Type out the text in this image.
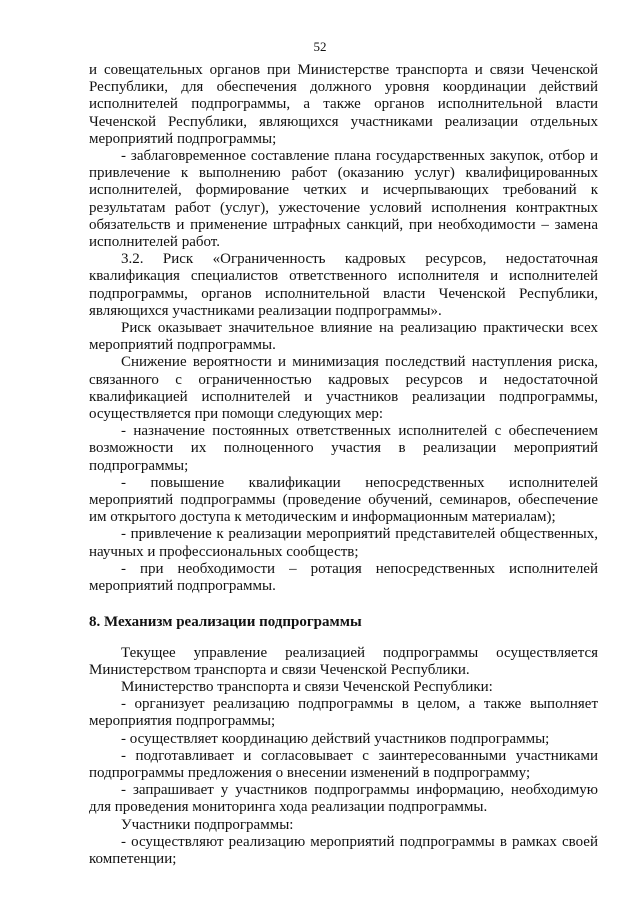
52

и совещательных органов при Министерстве транспорта и связи Чеченской Республики, для обеспечения должного уровня координации действий исполнителей подпрограммы, а также органов исполнительной власти Чеченской Республики, являющихся участниками реализации отдельных мероприятий подпрограммы;

- заблаговременное составление плана государственных закупок, отбор и привлечение к выполнению работ (оказанию услуг) квалифицированных исполнителей, формирование четких и исчерпывающих требований к результатам работ (услуг), ужесточение условий исполнения контрактных обязательств и применение штрафных санкций, при необходимости – замена исполнителей работ.

3.2. Риск «Ограниченность кадровых ресурсов, недостаточная квалификация специалистов ответственного исполнителя и исполнителей подпрограммы, органов исполнительной власти Чеченской Республики, являющихся участниками реализации подпрограммы».

Риск оказывает значительное влияние на реализацию практически всех мероприятий подпрограммы.

Снижение вероятности и минимизация последствий наступления риска, связанного с ограниченностью кадровых ресурсов и недостаточной квалификацией исполнителей и участников реализации подпрограммы, осуществляется при помощи следующих мер:

- назначение постоянных ответственных исполнителей с обеспечением возможности их полноценного участия в реализации мероприятий подпрограммы;

- повышение квалификации непосредственных исполнителей мероприятий подпрограммы (проведение обучений, семинаров, обеспечение им открытого доступа к методическим и информационным материалам);

- привлечение к реализации мероприятий представителей общественных, научных и профессиональных сообществ;

- при необходимости – ротация непосредственных исполнителей мероприятий подпрограммы.

8. Механизм реализации подпрограммы

Текущее управление реализацией подпрограммы осуществляется Министерством транспорта и связи Чеченской Республики.

Министерство транспорта и связи Чеченской Республики:

- организует реализацию подпрограммы в целом, а также выполняет мероприятия подпрограммы;

- осуществляет координацию действий участников подпрограммы;

- подготавливает и согласовывает с заинтересованными участниками подпрограммы предложения о внесении изменений в подпрограмму;

- запрашивает у участников подпрограммы информацию, необходимую для проведения мониторинга хода реализации подпрограммы.

Участники подпрограммы:

- осуществляют реализацию мероприятий подпрограммы в рамках своей компетенции;
